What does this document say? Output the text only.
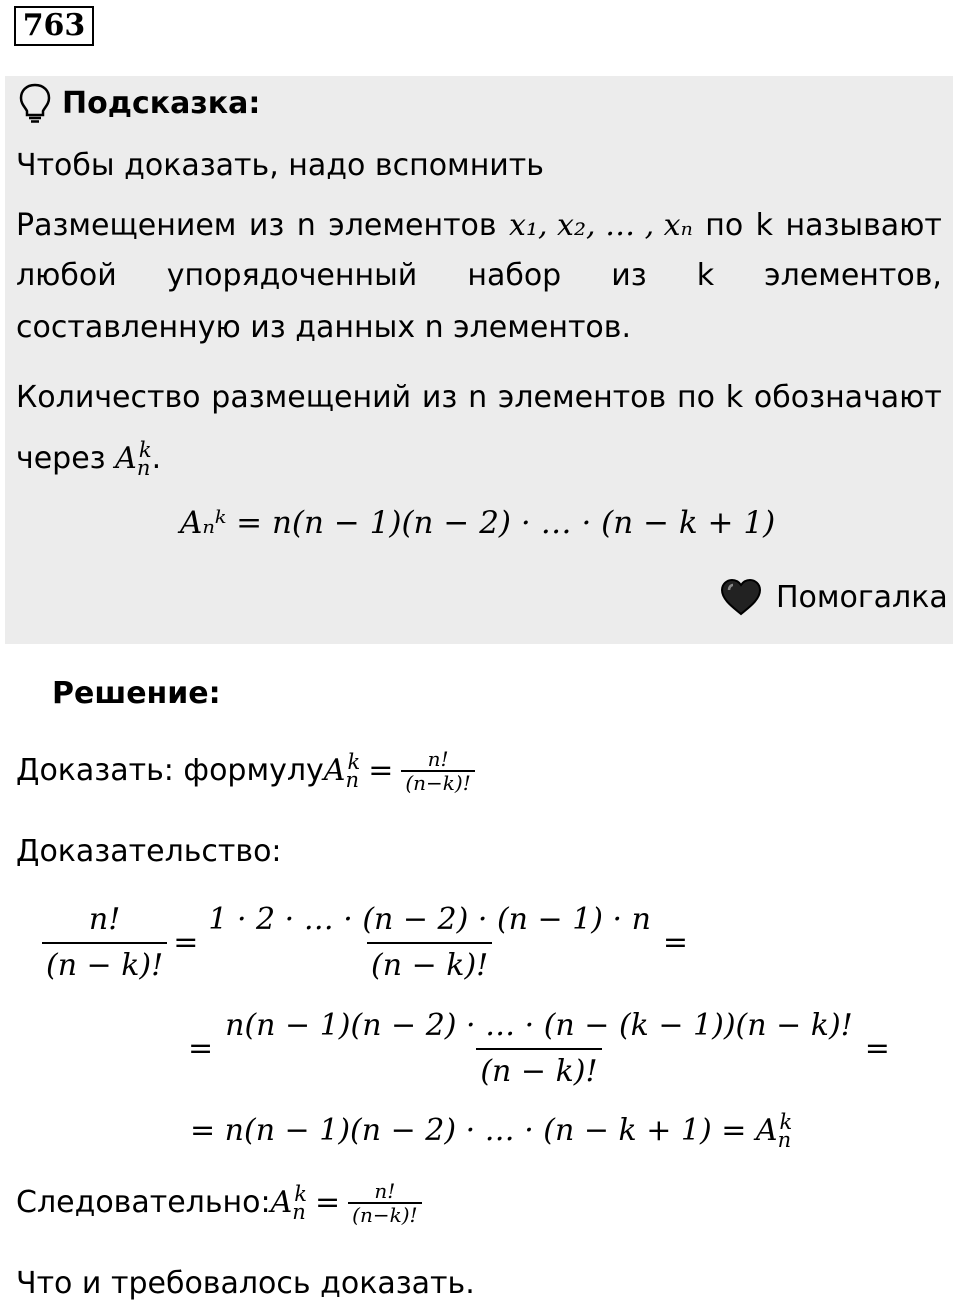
763
Подсказка:
Чтобы доказать, надо вспомнить
Размещением из n элементов x₁, x₂, … , xₙ по k называют
любой упорядоченный набор из k элементов,
составленную из данных n элементов.
Количество размещений из n элементов по k обозначают
через $A_n^k$.
Aₙᵏ = n(n − 1)(n − 2) · … · (n − k + 1)
Помогалка
Решение:
Доказать: формулу $A_n^k = \frac{n!}{(n-k)!}$
Доказательство:
$\frac{n!}{(n - k)!} = \frac{1 \cdot 2 \cdot \dots \cdot (n - 2) \cdot (n - 1) \cdot n}{(n - k)!}$ =
= $\frac{n(n - 1)(n - 2) \cdot \dots \cdot (n - (k - 1))(n - k)!}{(n - k)!}$ =
= n(n − 1)(n − 2) · … · $(n - k + 1) = A_n^k$
Следовательно: $A_n^k = \frac{n!}{(n-k)!}$
Что и требовалось доказать.
